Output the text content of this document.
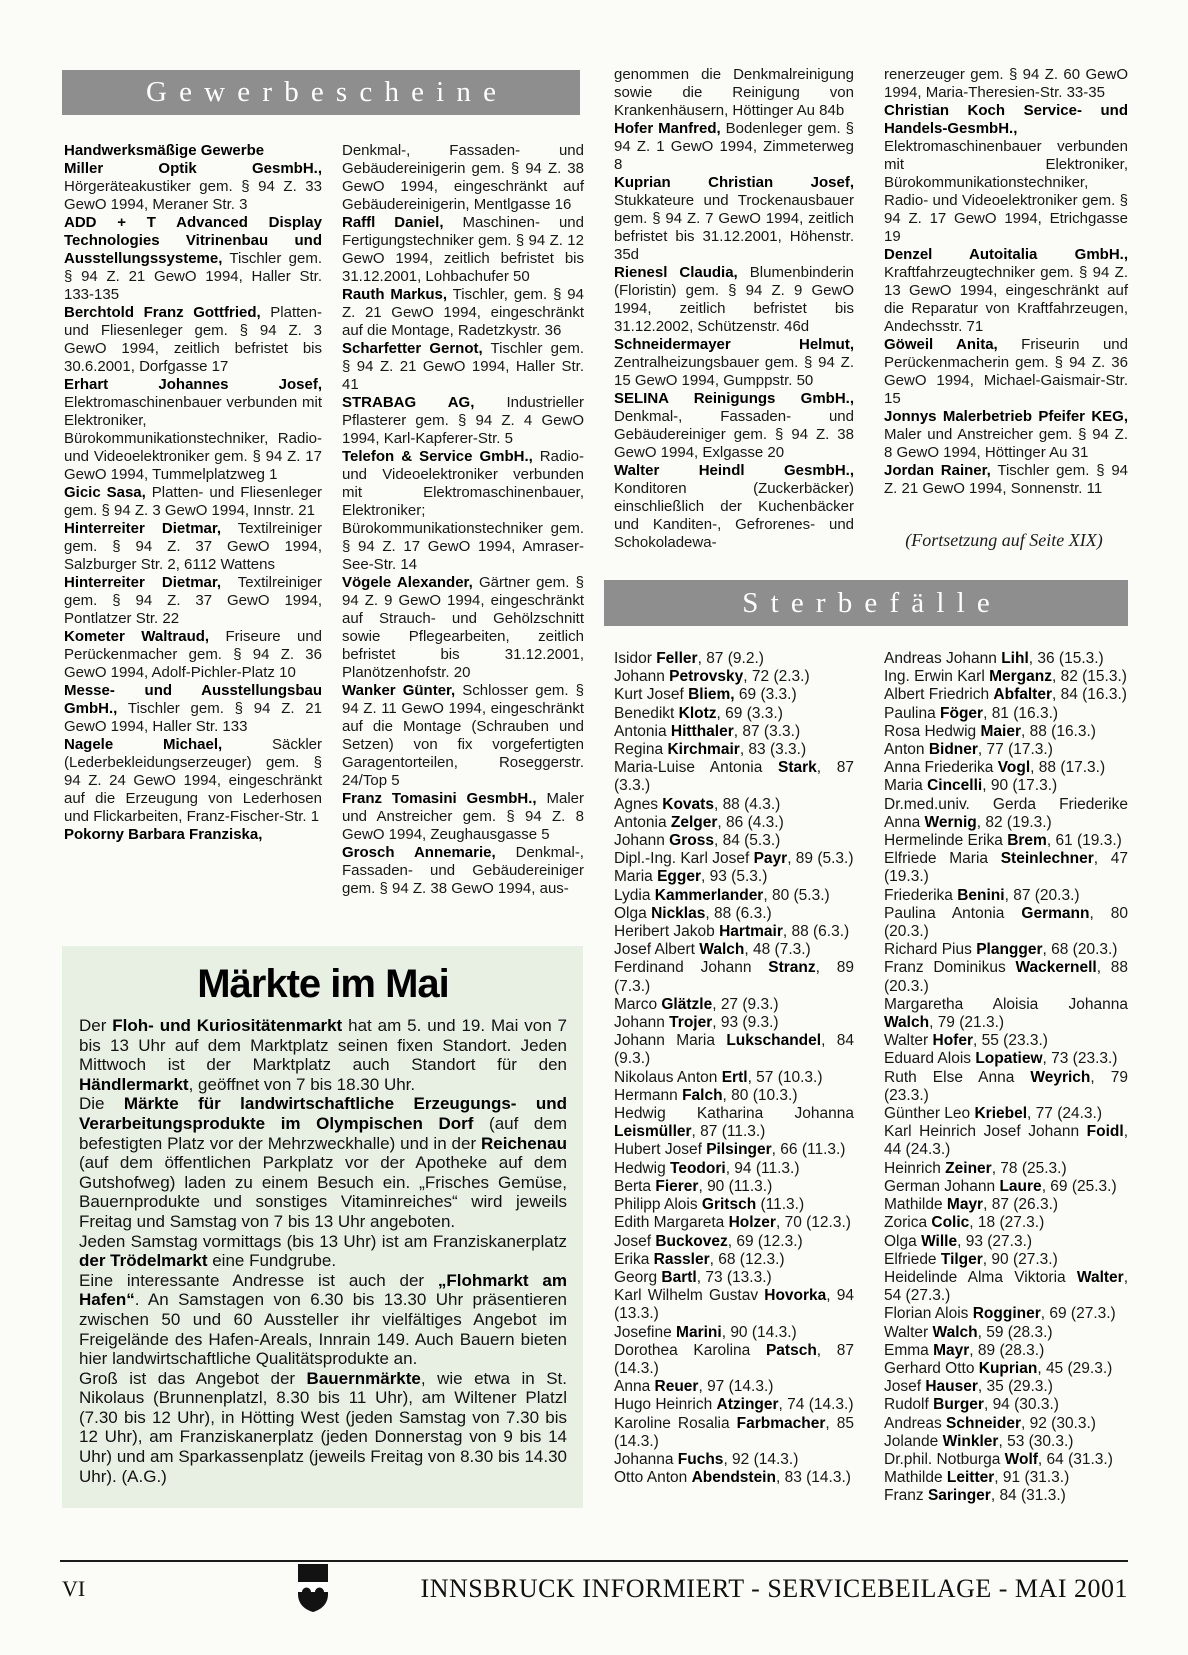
Gewerbescheine

Handwerksmäßige Gewerbe

Miller Optik GesmbH., Hörgeräteakustiker gem. § 94 Z. 33 GewO 1994, Meraner Str. 3

ADD + T Advanced Display Technologies Vitrinenbau und Ausstellungssysteme, Tischler gem. § 94 Z. 21 GewO 1994, Haller Str. 133-135

Berchtold Franz Gottfried, Platten- und Fliesenleger gem. § 94 Z. 3 GewO 1994, zeitlich befristet bis 30.6.2001, Dorfgasse 17

Erhart Johannes Josef, Elektromaschinenbauer verbunden mit Elektroniker, Bürokommunikationstechniker, Radio- und Videoelektroniker gem. § 94 Z. 17 GewO 1994, Tummelplatzweg 1

Gicic Sasa, Platten- und Fliesenleger gem. § 94 Z. 3 GewO 1994, Innstr. 21

Hinterreiter Dietmar, Textilreiniger gem. § 94 Z. 37 GewO 1994, Salzburger Str. 2, 6112 Wattens

Hinterreiter Dietmar, Textilreiniger gem. § 94 Z. 37 GewO 1994, Pontlatzer Str. 22

Kometer Waltraud, Friseure und Perückenmacher gem. § 94 Z. 36 GewO 1994, Adolf-Pichler-Platz 10

Messe- und Ausstellungsbau GmbH., Tischler gem. § 94 Z. 21 GewO 1994, Haller Str. 133

Nagele Michael, Säckler (Lederbekleidungserzeuger) gem. § 94 Z. 24 GewO 1994, eingeschränkt auf die Erzeugung von Lederhosen und Flickarbeiten, Franz-Fischer-Str. 1

Pokorny Barbara Franziska,

Denkmal-, Fassaden- und Gebäudereinigerin gem. § 94 Z. 38 GewO 1994, eingeschränkt auf Gebäudereinigerin, Mentlgasse 16

Raffl Daniel, Maschinen- und Fertigungstechniker gem. § 94 Z. 12 GewO 1994, zeitlich befristet bis 31.12.2001, Lohbachufer 50

Rauth Markus, Tischler, gem. § 94 Z. 21 GewO 1994, eingeschränkt auf die Montage, Radetzkystr. 36

Scharfetter Gernot, Tischler gem. § 94 Z. 21 GewO 1994, Haller Str. 41

STRABAG AG, Industrieller Pflasterer gem. § 94 Z. 4 GewO 1994, Karl-Kapferer-Str. 5

Telefon & Service GmbH., Radio- und Videoelektroniker verbunden mit Elektromaschinenbauer, Elektroniker; Bürokommunikationstechniker gem. § 94 Z. 17 GewO 1994, Amraser-See-Str. 14

Vögele Alexander, Gärtner gem. § 94 Z. 9 GewO 1994, eingeschränkt auf Strauch- und Gehölzschnitt sowie Pflegearbeiten, zeitlich befristet bis 31.12.2001, Planötzenhofstr. 20

Wanker Günter, Schlosser gem. § 94 Z. 11 GewO 1994, eingeschränkt auf die Montage (Schrauben und Setzen) von fix vorgefertigten Garagentorteilen, Roseggerstr. 24/Top 5

Franz Tomasini GesmbH., Maler und Anstreicher gem. § 94 Z. 8 GewO 1994, Zeughausgasse 5

Grosch Annemarie, Denkmal-, Fassaden- und Gebäudereiniger gem. § 94 Z. 38 GewO 1994, aus-

genommen die Denkmalreinigung sowie die Reinigung von Krankenhäusern, Höttinger Au 84b

Hofer Manfred, Bodenleger gem. § 94 Z. 1 GewO 1994, Zimmeterweg 8

Kuprian Christian Josef, Stukkateure und Trockenausbauer gem. § 94 Z. 7 GewO 1994, zeitlich befristet bis 31.12.2001, Höhenstr. 35d

Rienesl Claudia, Blumenbinderin (Floristin) gem. § 94 Z. 9 GewO 1994, zeitlich befristet bis 31.12.2002, Schützenstr. 46d

Schneidermayer Helmut, Zentralheizungsbauer gem. § 94 Z. 15 GewO 1994, Gumppstr. 50

SELINA Reinigungs GmbH., Denkmal-, Fassaden- und Gebäudereiniger gem. § 94 Z. 38 GewO 1994, Exlgasse 20

Walter Heindl GesmbH., Konditoren (Zuckerbäcker) einschließlich der Kuchenbäcker und Kanditen-, Gefrorenes- und Schokoladewa-

renerzeuger gem. § 94 Z. 60 GewO 1994, Maria-Theresien-Str. 33-35

Christian Koch Service- und Handels-GesmbH., Elektromaschinenbauer verbunden mit Elektroniker, Bürokommunikationstechniker, Radio- und Videoelektroniker gem. § 94 Z. 17 GewO 1994, Etrichgasse 19

Denzel Autoitalia GmbH., Kraftfahrzeugtechniker gem. § 94 Z. 13 GewO 1994, eingeschränkt auf die Reparatur von Kraftfahrzeugen, Andechsstr. 71

Göweil Anita, Friseurin und Perückenmacherin gem. § 94 Z. 36 GewO 1994, Michael-Gaismair-Str. 15

Jonnys Malerbetrieb Pfeifer KEG, Maler und Anstreicher gem. § 94 Z. 8 GewO 1994, Höttinger Au 31

Jordan Rainer, Tischler gem. § 94 Z. 21 GewO 1994, Sonnenstr. 11

(Fortsetzung auf Seite XIX)
Märkte im Mai

Der Floh- und Kuriositätenmarkt hat am 5. und 19. Mai von 7 bis 13 Uhr auf dem Marktplatz seinen fixen Standort. Jeden Mittwoch ist der Marktplatz auch Standort für den Händlermarkt, geöffnet von 7 bis 18.30 Uhr.

Die Märkte für landwirtschaftliche Erzeugungs- und Verarbeitungsprodukte im Olympischen Dorf (auf dem befestigten Platz vor der Mehrzweckhalle) und in der Reichenau (auf dem öffentlichen Parkplatz vor der Apotheke auf dem Gutshofweg) laden zu einem Besuch ein. „Frisches Gemüse, Bauernprodukte und sonstiges Vitaminreiches“ wird jeweils Freitag und Samstag von 7 bis 13 Uhr angeboten.

Jeden Samstag vormittags (bis 13 Uhr) ist am Franziskanerplatz der Trödelmarkt eine Fundgrube.

Eine interessante Andresse ist auch der „Flohmarkt am Hafen“. An Samstagen von 6.30 bis 13.30 Uhr präsentieren zwischen 50 und 60 Aussteller ihr vielfältiges Angebot im Freigelände des Hafen-Areals, Innrain 149. Auch Bauern bieten hier landwirtschaftliche Qualitätsprodukte an.

Groß ist das Angebot der Bauernmärkte, wie etwa in St. Nikolaus (Brunnenplatzl, 8.30 bis 11 Uhr), am Wiltener Platzl (7.30 bis 12 Uhr), in Hötting West (jeden Samstag von 7.30 bis 12 Uhr), am Franziskanerplatz (jeden Donnerstag von 9 bis 14 Uhr) und am Sparkassenplatz (jeweils Freitag von 8.30 bis 14.30 Uhr). (A.G.)

Sterbefälle

Isidor Feller, 87 (9.2.)

Johann Petrovsky, 72 (2.3.)

Kurt Josef Bliem, 69 (3.3.)

Benedikt Klotz, 69 (3.3.)

Antonia Hitthaler, 87 (3.3.)

Regina Kirchmair, 83 (3.3.)

Maria-Luise Antonia Stark, 87 (3.3.)

Agnes Kovats, 88 (4.3.)

Antonia Zelger, 86 (4.3.)

Johann Gross, 84 (5.3.)

Dipl.-Ing. Karl Josef Payr, 89 (5.3.)

Maria Egger, 93 (5.3.)

Lydia Kammerlander, 80 (5.3.)

Olga Nicklas, 88 (6.3.)

Heribert Jakob Hartmair, 88 (6.3.)

Josef Albert Walch, 48 (7.3.)

Ferdinand Johann Stranz, 89 (7.3.)

Marco Glätzle, 27 (9.3.)

Johann Trojer, 93 (9.3.)

Johann Maria Lukschandel, 84 (9.3.)

Nikolaus Anton Ertl, 57 (10.3.)

Hermann Falch, 80 (10.3.)

Hedwig Katharina Johanna Leismüller, 87 (11.3.)

Hubert Josef Pilsinger, 66 (11.3.)

Hedwig Teodori, 94 (11.3.)

Berta Fierer, 90 (11.3.)

Philipp Alois Gritsch (11.3.)

Edith Margareta Holzer, 70 (12.3.)

Josef Buckovez, 69 (12.3.)

Erika Rassler, 68 (12.3.)

Georg Bartl, 73 (13.3.)

Karl Wilhelm Gustav Hovorka, 94 (13.3.)

Josefine Marini, 90 (14.3.)

Dorothea Karolina Patsch, 87 (14.3.)

Anna Reuer, 97 (14.3.)

Hugo Heinrich Atzinger, 74 (14.3.)

Karoline Rosalia Farbmacher, 85 (14.3.)

Johanna Fuchs, 92 (14.3.)

Otto Anton Abendstein, 83 (14.3.)

Andreas Johann Lihl, 36 (15.3.)

Ing. Erwin Karl Merganz, 82 (15.3.)

Albert Friedrich Abfalter, 84 (16.3.)

Paulina Föger, 81 (16.3.)

Rosa Hedwig Maier, 88 (16.3.)

Anton Bidner, 77 (17.3.)

Anna Friederika Vogl, 88 (17.3.)

Maria Cincelli, 90 (17.3.)

Dr.med.univ. Gerda Friederike Anna Wernig, 82 (19.3.)

Hermelinde Erika Brem, 61 (19.3.)

Elfriede Maria Steinlechner, 47 (19.3.)

Friederika Benini, 87 (20.3.)

Paulina Antonia Germann, 80 (20.3.)

Richard Pius Plangger, 68 (20.3.)

Franz Dominikus Wackernell, 88 (20.3.)

Margaretha Aloisia Johanna Walch, 79 (21.3.)

Walter Hofer, 55 (23.3.)

Eduard Alois Lopatiew, 73 (23.3.)

Ruth Else Anna Weyrich, 79 (23.3.)

Günther Leo Kriebel, 77 (24.3.)

Karl Heinrich Josef Johann Foidl, 44 (24.3.)

Heinrich Zeiner, 78 (25.3.)

German Johann Laure, 69 (25.3.)

Mathilde Mayr, 87 (26.3.)

Zorica Colic, 18 (27.3.)

Olga Wille, 93 (27.3.)

Elfriede Tilger, 90 (27.3.)

Heidelinde Alma Viktoria Walter, 54 (27.3.)

Florian Alois Rogginer, 69 (27.3.)

Walter Walch, 59 (28.3.)

Emma Mayr, 89 (28.3.)

Gerhard Otto Kuprian, 45 (29.3.)

Josef Hauser, 35 (29.3.)

Rudolf Burger, 94 (30.3.)

Andreas Schneider, 92 (30.3.)

Jolande Winkler, 53 (30.3.)

Dr.phil. Notburga Wolf, 64 (31.3.)

Mathilde Leitter, 91 (31.3.)

Franz Saringer, 84 (31.3.)

VI	INNSBRUCK INFORMIERT - SERVICEBEILAGE - MAI 2001
